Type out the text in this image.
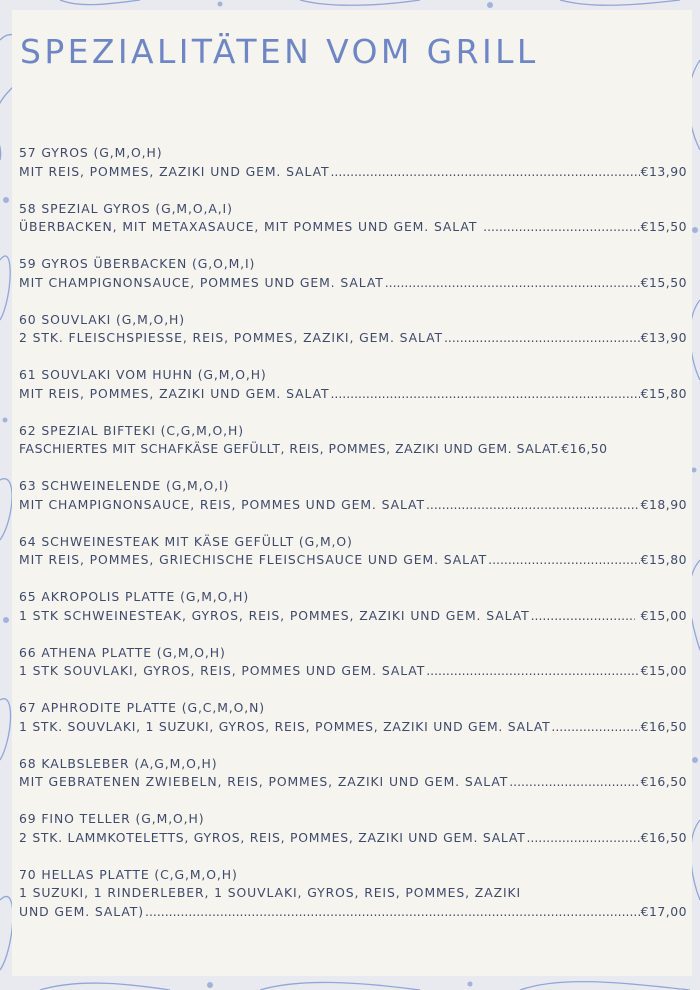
SPEZIALITÄTEN VOM GRILL
57 GYROS (G,M,O,H)
MIT REIS, POMMES, ZAZIKI UND GEM. SALAT .....	€13,90
58 SPEZIAL GYROS (G,M,O,A,I)
ÜBERBACKEN, MIT METAXASAUCE, MIT POMMES UND GEM. SALAT .....	€15,50
59 GYROS ÜBERBACKEN (G,O,M,I)
MIT CHAMPIGNONSAUCE, POMMES UND GEM. SALAT .....	€15,50
60 SOUVLAKI (G,M,O,H)
2 STK. FLEISCHSPIESSE, REIS, POMMES, ZAZIKI, GEM. SALAT .....	€13,90
61 SOUVLAKI VOM HUHN (G,M,O,H)
MIT REIS, POMMES, ZAZIKI UND GEM. SALAT .....	€15,80
62 SPEZIAL BIFTEKI (C,G,M,O,H)
FASCHIERTES MIT SCHAFKÄSE GEFÜLLT, REIS, POMMES, ZAZIKI UND GEM. SALAT. €16,50
63 SCHWEINELENDE (G,M,O,I)
MIT CHAMPIGNONSAUCE, REIS, POMMES UND GEM. SALAT .....	€18,90
64 SCHWEINESTEAK MIT KÄSE GEFÜLLT (G,M,O)
MIT REIS, POMMES, GRIECHISCHE FLEISCHSAUCE UND GEM. SALAT .....	€15,80
65 AKROPOLIS PLATTE (G,M,O,H)
1 STK SCHWEINESTEAK, GYROS, REIS, POMMES, ZAZIKI UND GEM. SALAT .....	€15,00
66 ATHENA PLATTE (G,M,O,H)
1 STK SOUVLAKI, GYROS, REIS, POMMES UND GEM. SALAT .....	€15,00
67 APHRODITE PLATTE (G,C,M,O,N)
1 STK. SOUVLAKI, 1 SUZUKI, GYROS, REIS, POMMES, ZAZIKI UND GEM. SALAT .....	€16,50
68 KALBSLEBER (A,G,M,O,H)
MIT GEBRATENEN ZWIEBELN, REIS, POMMES, ZAZIKI UND GEM. SALAT .....	€16,50
69 FINO TELLER (G,M,O,H)
2 STK. LAMMKOTELETTS, GYROS, REIS, POMMES, ZAZIKI UND GEM. SALAT .....	€16,50
70 HELLAS PLATTE (C,G,M,O,H)
1 SUZUKI, 1 RINDERLEBER, 1 SOUVLAKI, GYROS, REIS, POMMES, ZAZIKI
UND GEM. SALAT) .....	€17,00
